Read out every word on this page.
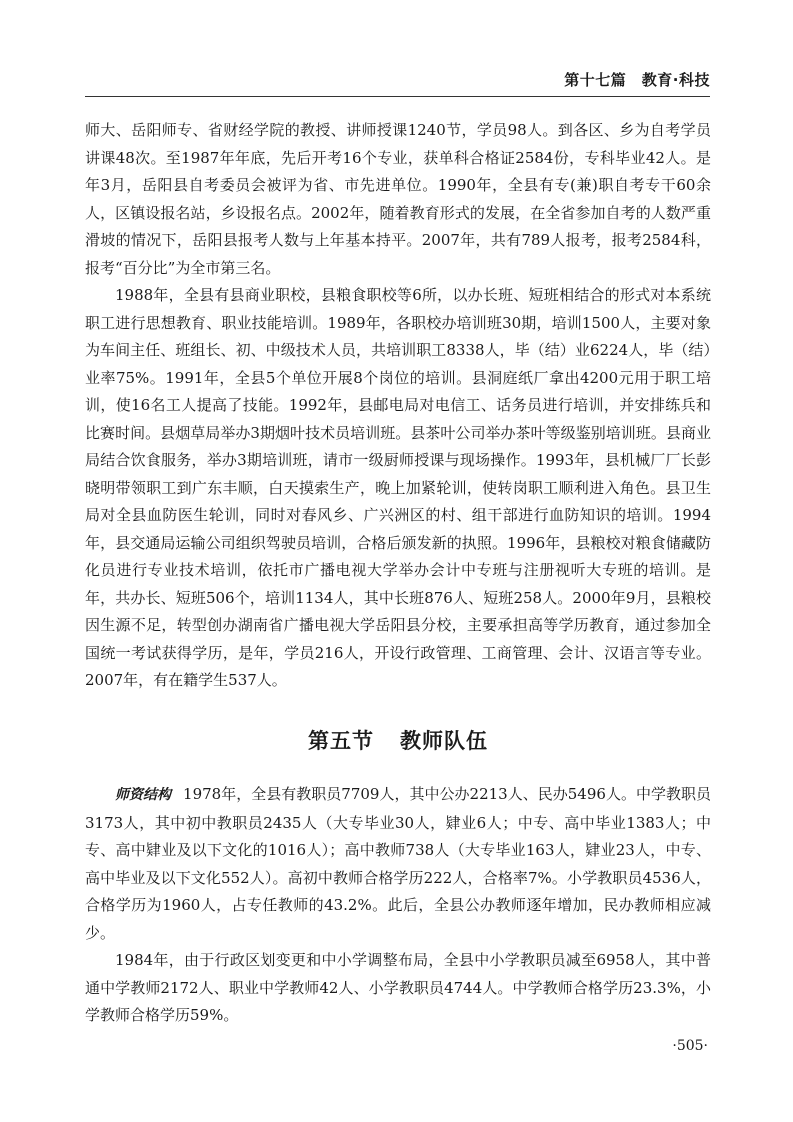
第十七篇　教育·科技

师大、岳阳师专、省财经学院的教授、讲师授课1240节，学员98人。到各区、乡为自考学员讲课48次。至1987年年底，先后开考16个专业，获单科合格证2584份，专科毕业42人。是年3月，岳阳县自考委员会被评为省、市先进单位。1990年，全县有专(兼)职自考专干60余人，区镇设报名站，乡设报名点。2002年，随着教育形式的发展，在全省参加自考的人数严重滑坡的情况下，岳阳县报考人数与上年基本持平。2007年，共有789人报考，报考2584科，报考“百分比”为全市第三名。

1988年，全县有县商业职校，县粮食职校等6所，以办长班、短班相结合的形式对本系统职工进行思想教育、职业技能培训。1989年，各职校办培训班30期，培训1500人，主要对象为车间主任、班组长、初、中级技术人员，共培训职工8338人，毕（结）业6224人，毕（结）业率75%。1991年，全县5个单位开展8个岗位的培训。县洞庭纸厂拿出4200元用于职工培训，使16名工人提高了技能。1992年，县邮电局对电信工、话务员进行培训，并安排练兵和比赛时间。县烟草局举办3期烟叶技术员培训班。县茶叶公司举办茶叶等级鉴别培训班。县商业局结合饮食服务，举办3期培训班，请市一级厨师授课与现场操作。1993年，县机械厂厂长彭晓明带领职工到广东丰顺，白天摸索生产，晚上加紧轮训，使转岗职工顺利进入角色。县卫生局对全县血防医生轮训，同时对春风乡、广兴洲区的村、组干部进行血防知识的培训。1994年，县交通局运输公司组织驾驶员培训，合格后颁发新的执照。1996年，县粮校对粮食储藏防化员进行专业技术培训，依托市广播电视大学举办会计中专班与注册视听大专班的培训。是年，共办长、短班506个，培训1134人，其中长班876人、短班258人。2000年9月，县粮校因生源不足，转型创办湖南省广播电视大学岳阳县分校，主要承担高等学历教育，通过参加全国统一考试获得学历，是年，学员216人，开设行政管理、工商管理、会计、汉语言等专业。2007年，有在籍学生537人。

第五节 教师队伍

师资结构 1978年，全县有教职员7709人，其中公办2213人、民办5496人。中学教职员3173人，其中初中教职员2435人（大专毕业30人，肄业6人；中专、高中毕业1383人；中专、高中肄业及以下文化的1016人）；高中教师738人（大专毕业163人，肄业23人，中专、高中毕业及以下文化552人）。高初中教师合格学历222人，合格率7%。小学教职员4536人，合格学历为1960人，占专任教师的43.2%。此后，全县公办教师逐年增加，民办教师相应减少。

1984年，由于行政区划变更和中小学调整布局，全县中小学教职员减至6958人，其中普通中学教师2172人、职业中学教师42人、小学教职员4744人。中学教师合格学历23.3%，小学教师合格学历59%。

·505·
